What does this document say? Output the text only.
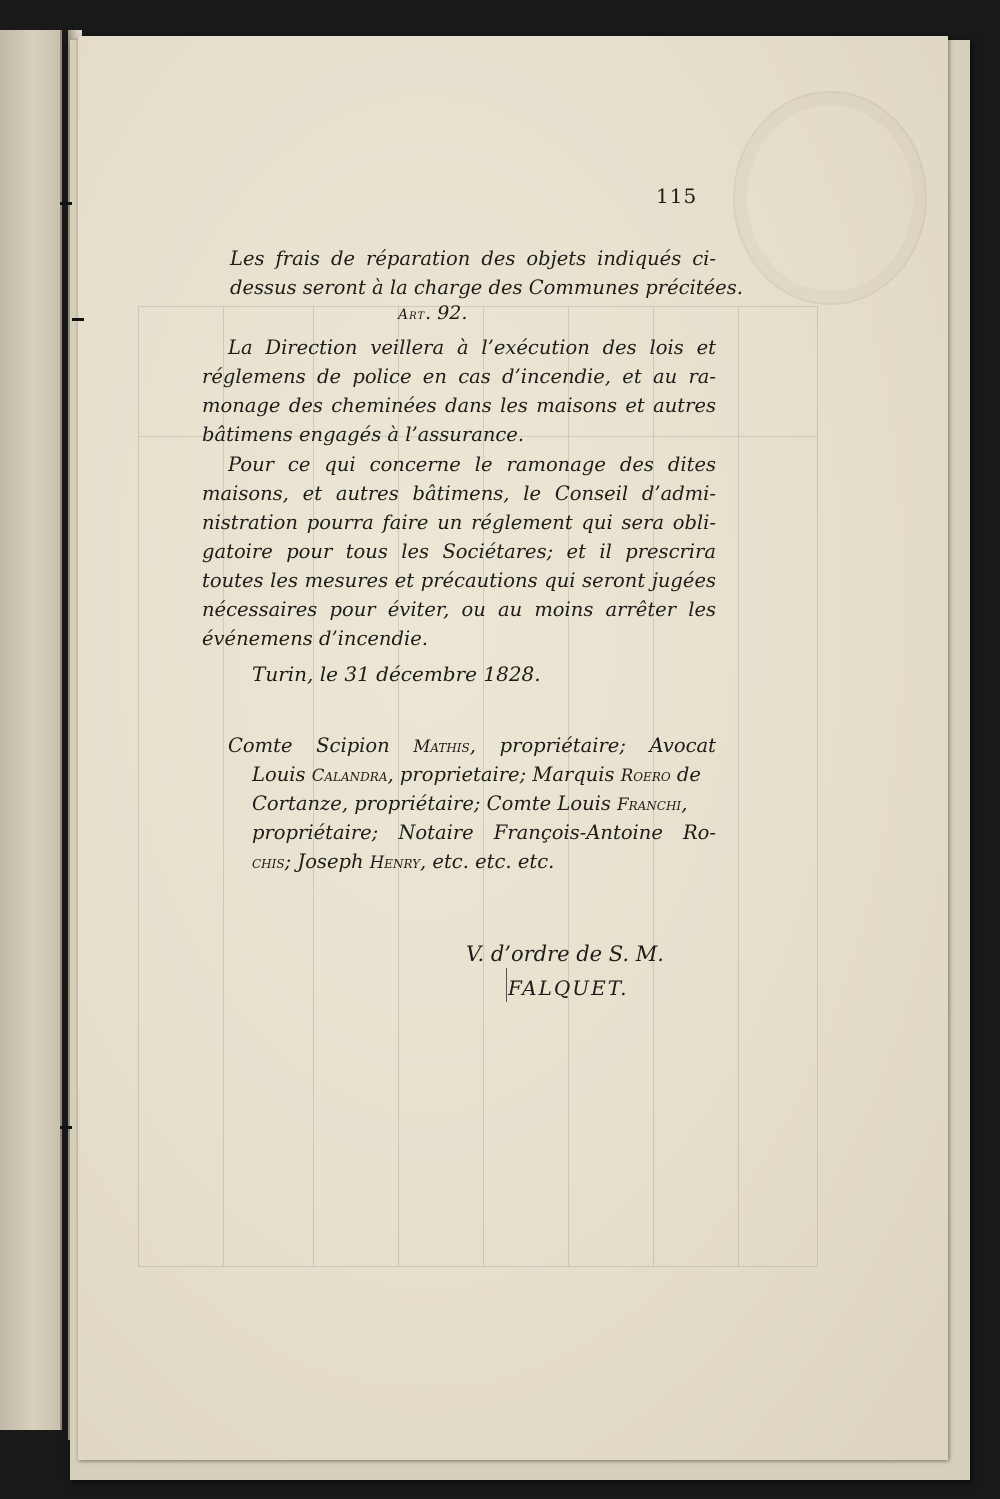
115
Les frais de réparation des objets indiqués ci-
dessus seront à la charge des Communes précitées.
Art. 92.
La Direction veillera à l’exécution des lois et
réglemens de police en cas d’incendie, et au ra-
monage des cheminées dans les maisons et autres
bâtimens engagés à l’assurance.
Pour ce qui concerne le ramonage des dites
maisons, et autres bâtimens, le Conseil d’admi-
nistration pourra faire un réglement qui sera obli-
gatoire pour tous les Sociétares; et il prescrira
toutes les mesures et précautions qui seront jugées
nécessaires pour éviter, ou au moins arrêter les
événemens d’incendie.
Turin, le 31 décembre 1828.
Comte Scipion Mathis, propriétaire; Avocat
Louis Calandra, proprietaire; Marquis Roero de
Cortanze, propriétaire; Comte Louis Franchi,
propriétaire; Notaire François-Antoine Ro-
chis; Joseph Henry, etc. etc. etc.
V. d’ordre de S. M.
FALQUET.
